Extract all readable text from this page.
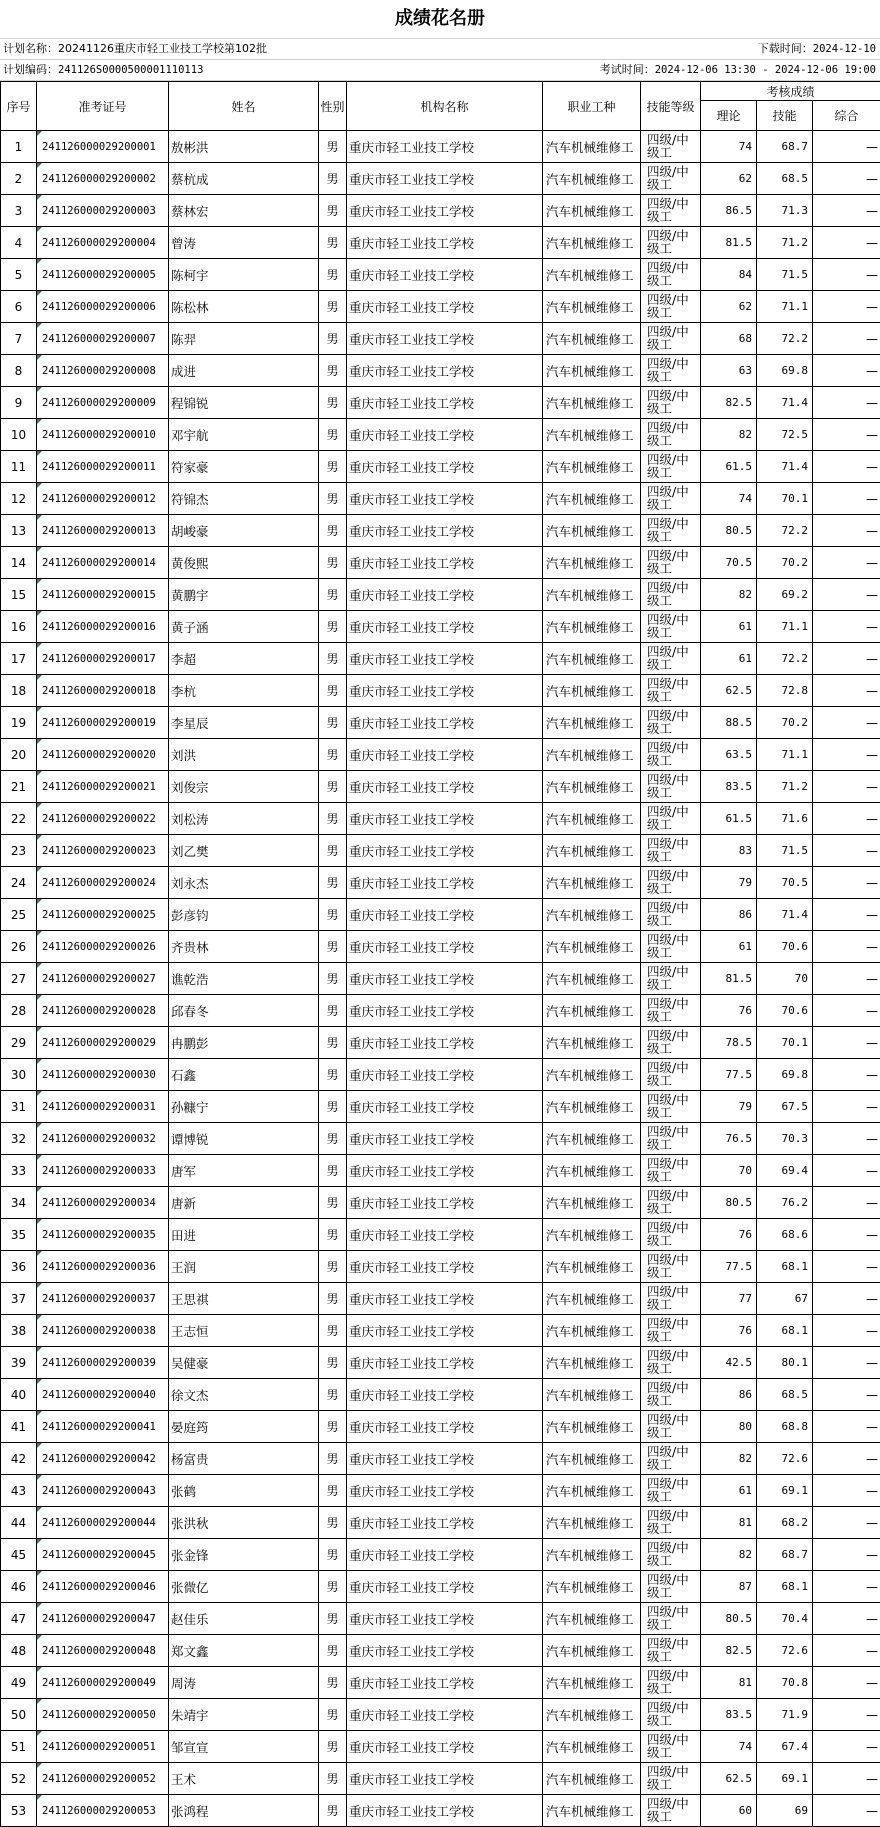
成绩花名册
计划名称：20241126重庆市轻工业技工学校第102批	下载时间：2024-12-10
计划编码：241126S0000500001110113	考试时间：2024-12-06 13:30 - 2024-12-06 19:00
序号	准考证号	姓名	性别	机构名称	职业工种	技能等级	考核成绩		
							理论	技能	综合
1	241126000029200001	敖彬洪	男	重庆市轻工业技工学校	汽车机械维修工	四级/中级工	74	68.7	—
2	241126000029200002	蔡杭成	男	重庆市轻工业技工学校	汽车机械维修工	四级/中级工	62	68.5	—
3	241126000029200003	蔡林宏	男	重庆市轻工业技工学校	汽车机械维修工	四级/中级工	86.5	71.3	—
4	241126000029200004	曾涛	男	重庆市轻工业技工学校	汽车机械维修工	四级/中级工	81.5	71.2	—
5	241126000029200005	陈柯宇	男	重庆市轻工业技工学校	汽车机械维修工	四级/中级工	84	71.5	—
6	241126000029200006	陈松林	男	重庆市轻工业技工学校	汽车机械维修工	四级/中级工	62	71.1	—
7	241126000029200007	陈羿	男	重庆市轻工业技工学校	汽车机械维修工	四级/中级工	68	72.2	—
8	241126000029200008	成进	男	重庆市轻工业技工学校	汽车机械维修工	四级/中级工	63	69.8	—
9	241126000029200009	程锦锐	男	重庆市轻工业技工学校	汽车机械维修工	四级/中级工	82.5	71.4	—
10	241126000029200010	邓宇航	男	重庆市轻工业技工学校	汽车机械维修工	四级/中级工	82	72.5	—
11	241126000029200011	符家豪	男	重庆市轻工业技工学校	汽车机械维修工	四级/中级工	61.5	71.4	—
12	241126000029200012	符锦杰	男	重庆市轻工业技工学校	汽车机械维修工	四级/中级工	74	70.1	—
13	241126000029200013	胡峻豪	男	重庆市轻工业技工学校	汽车机械维修工	四级/中级工	80.5	72.2	—
14	241126000029200014	黄俊熙	男	重庆市轻工业技工学校	汽车机械维修工	四级/中级工	70.5	70.2	—
15	241126000029200015	黄鹏宇	男	重庆市轻工业技工学校	汽车机械维修工	四级/中级工	82	69.2	—
16	241126000029200016	黄子涵	男	重庆市轻工业技工学校	汽车机械维修工	四级/中级工	61	71.1	—
17	241126000029200017	李超	男	重庆市轻工业技工学校	汽车机械维修工	四级/中级工	61	72.2	—
18	241126000029200018	李杭	男	重庆市轻工业技工学校	汽车机械维修工	四级/中级工	62.5	72.8	—
19	241126000029200019	李星辰	男	重庆市轻工业技工学校	汽车机械维修工	四级/中级工	88.5	70.2	—
20	241126000029200020	刘洪	男	重庆市轻工业技工学校	汽车机械维修工	四级/中级工	63.5	71.1	—
21	241126000029200021	刘俊宗	男	重庆市轻工业技工学校	汽车机械维修工	四级/中级工	83.5	71.2	—
22	241126000029200022	刘松涛	男	重庆市轻工业技工学校	汽车机械维修工	四级/中级工	61.5	71.6	—
23	241126000029200023	刘乙樊	男	重庆市轻工业技工学校	汽车机械维修工	四级/中级工	83	71.5	—
24	241126000029200024	刘永杰	男	重庆市轻工业技工学校	汽车机械维修工	四级/中级工	79	70.5	—
25	241126000029200025	彭彦钧	男	重庆市轻工业技工学校	汽车机械维修工	四级/中级工	86	71.4	—
26	241126000029200026	齐贵林	男	重庆市轻工业技工学校	汽车机械维修工	四级/中级工	61	70.6	—
27	241126000029200027	谯乾浩	男	重庆市轻工业技工学校	汽车机械维修工	四级/中级工	81.5	70	—
28	241126000029200028	邱春冬	男	重庆市轻工业技工学校	汽车机械维修工	四级/中级工	76	70.6	—
29	241126000029200029	冉鹏彭	男	重庆市轻工业技工学校	汽车机械维修工	四级/中级工	78.5	70.1	—
30	241126000029200030	石鑫	男	重庆市轻工业技工学校	汽车机械维修工	四级/中级工	77.5	69.8	—
31	241126000029200031	孙糠宁	男	重庆市轻工业技工学校	汽车机械维修工	四级/中级工	79	67.5	—
32	241126000029200032	谭博锐	男	重庆市轻工业技工学校	汽车机械维修工	四级/中级工	76.5	70.3	—
33	241126000029200033	唐军	男	重庆市轻工业技工学校	汽车机械维修工	四级/中级工	70	69.4	—
34	241126000029200034	唐新	男	重庆市轻工业技工学校	汽车机械维修工	四级/中级工	80.5	76.2	—
35	241126000029200035	田进	男	重庆市轻工业技工学校	汽车机械维修工	四级/中级工	76	68.6	—
36	241126000029200036	王润	男	重庆市轻工业技工学校	汽车机械维修工	四级/中级工	77.5	68.1	—
37	241126000029200037	王思祺	男	重庆市轻工业技工学校	汽车机械维修工	四级/中级工	77	67	—
38	241126000029200038	王志恒	男	重庆市轻工业技工学校	汽车机械维修工	四级/中级工	76	68.1	—
39	241126000029200039	吴健豪	男	重庆市轻工业技工学校	汽车机械维修工	四级/中级工	42.5	80.1	—
40	241126000029200040	徐文杰	男	重庆市轻工业技工学校	汽车机械维修工	四级/中级工	86	68.5	—
41	241126000029200041	晏庭筠	男	重庆市轻工业技工学校	汽车机械维修工	四级/中级工	80	68.8	—
42	241126000029200042	杨富贵	男	重庆市轻工业技工学校	汽车机械维修工	四级/中级工	82	72.6	—
43	241126000029200043	张鹤	男	重庆市轻工业技工学校	汽车机械维修工	四级/中级工	61	69.1	—
44	241126000029200044	张洪秋	男	重庆市轻工业技工学校	汽车机械维修工	四级/中级工	81	68.2	—
45	241126000029200045	张金锋	男	重庆市轻工业技工学校	汽车机械维修工	四级/中级工	82	68.7	—
46	241126000029200046	张微亿	男	重庆市轻工业技工学校	汽车机械维修工	四级/中级工	87	68.1	—
47	241126000029200047	赵佳乐	男	重庆市轻工业技工学校	汽车机械维修工	四级/中级工	80.5	70.4	—
48	241126000029200048	郑文鑫	男	重庆市轻工业技工学校	汽车机械维修工	四级/中级工	82.5	72.6	—
49	241126000029200049	周涛	男	重庆市轻工业技工学校	汽车机械维修工	四级/中级工	81	70.8	—
50	241126000029200050	朱靖宇	男	重庆市轻工业技工学校	汽车机械维修工	四级/中级工	83.5	71.9	—
51	241126000029200051	邹宣宣	男	重庆市轻工业技工学校	汽车机械维修工	四级/中级工	74	67.4	—
52	241126000029200052	王术	男	重庆市轻工业技工学校	汽车机械维修工	四级/中级工	62.5	69.1	—
53	241126000029200053	张鸿程	男	重庆市轻工业技工学校	汽车机械维修工	四级/中级工	60	69	—
